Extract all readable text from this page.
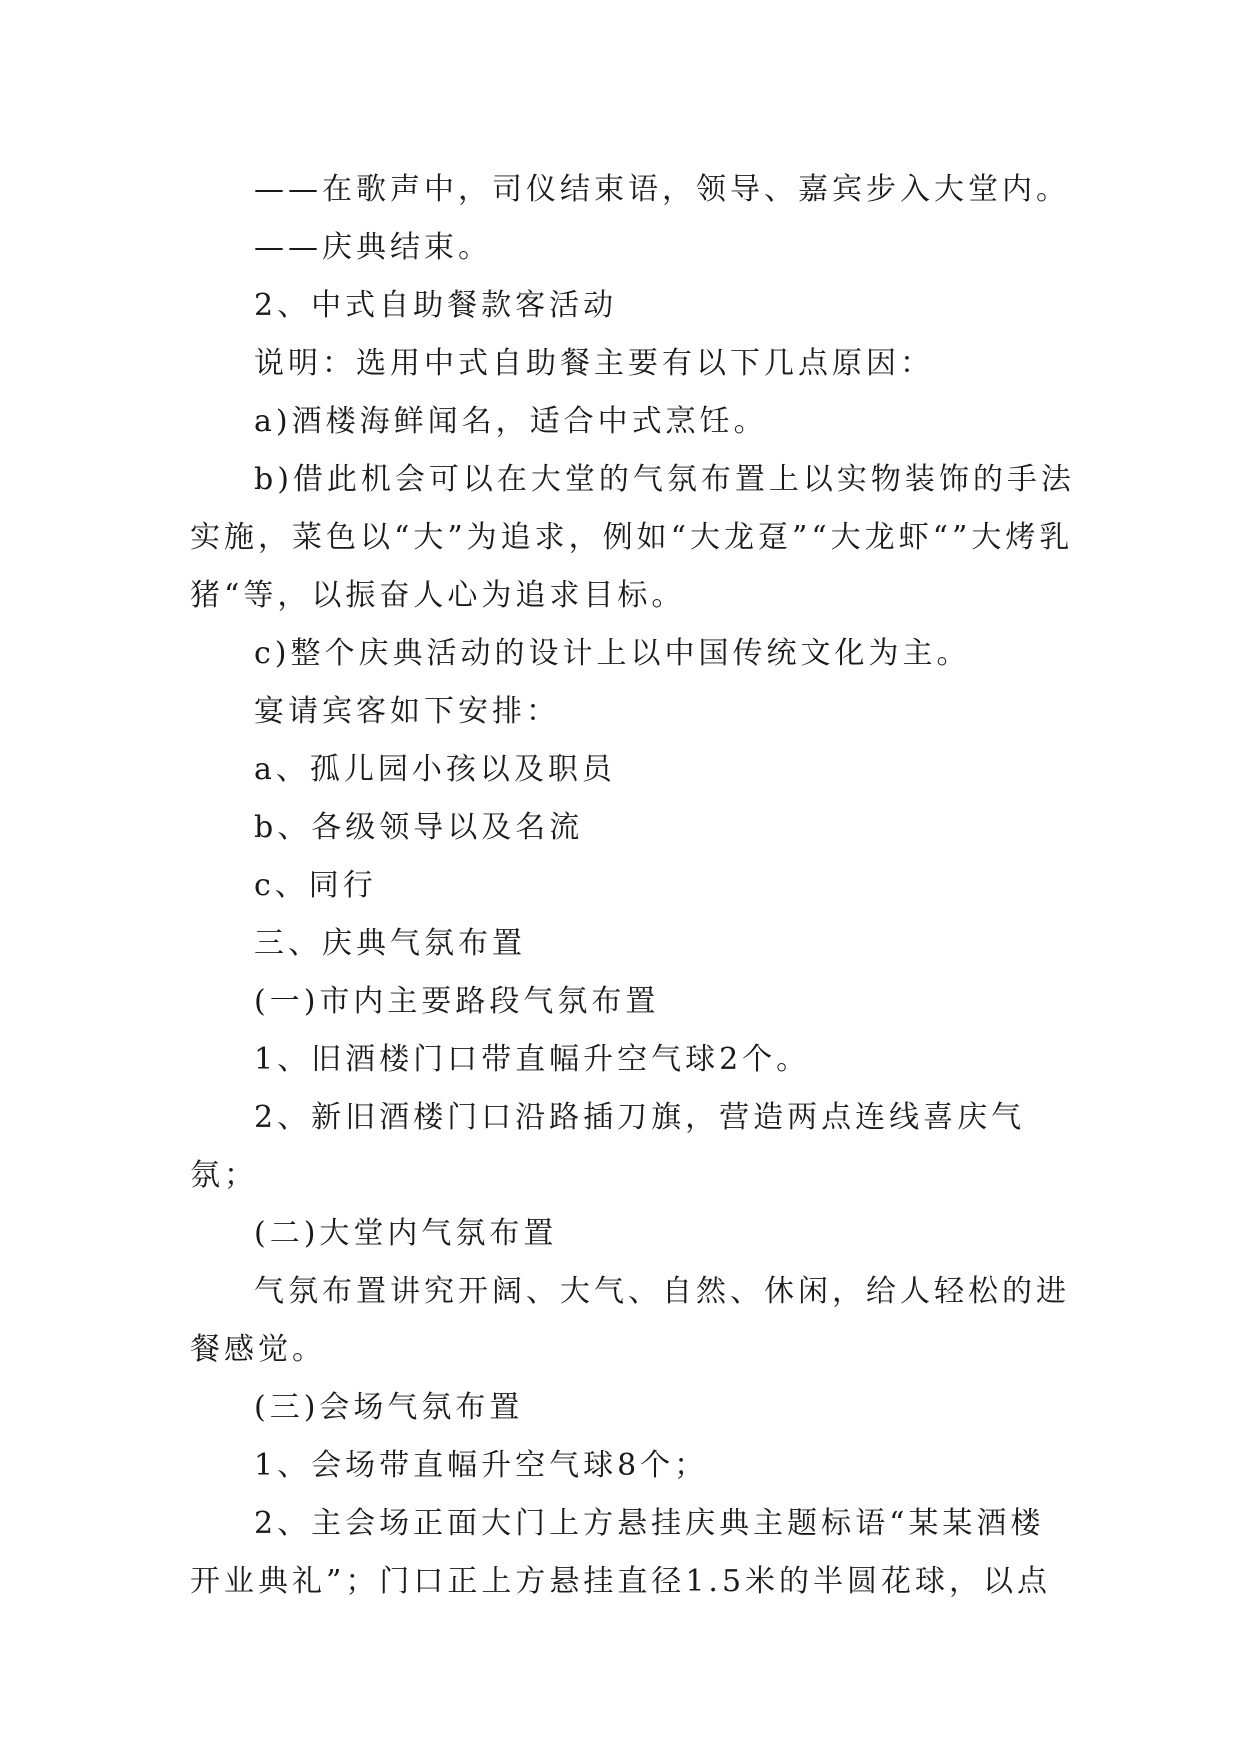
——在歌声中，司仪结束语，领导、嘉宾步入大堂内。

——庆典结束。

2、中式自助餐款客活动

说明：选用中式自助餐主要有以下几点原因：

a)酒楼海鲜闻名，适合中式烹饪。

b)借此机会可以在大堂的气氛布置上以实物装饰的手法实施，菜色以“大”为追求，例如“大龙趸”“大龙虾“”大烤乳猪“等，以振奋人心为追求目标。

c)整个庆典活动的设计上以中国传统文化为主。

宴请宾客如下安排：

a、孤儿园小孩以及职员

b、各级领导以及名流

c、同行

三、庆典气氛布置

(一)市内主要路段气氛布置

1、旧酒楼门口带直幅升空气球2个。

2、新旧酒楼门口沿路插刀旗，营造两点连线喜庆气氛；

(二)大堂内气氛布置

气氛布置讲究开阔、大气、自然、休闲，给人轻松的进餐感觉。

(三)会场气氛布置

1、会场带直幅升空气球8个；

2、主会场正面大门上方悬挂庆典主题标语“某某酒楼开业典礼”；门口正上方悬挂直径1.5米的半圆花球，以点
